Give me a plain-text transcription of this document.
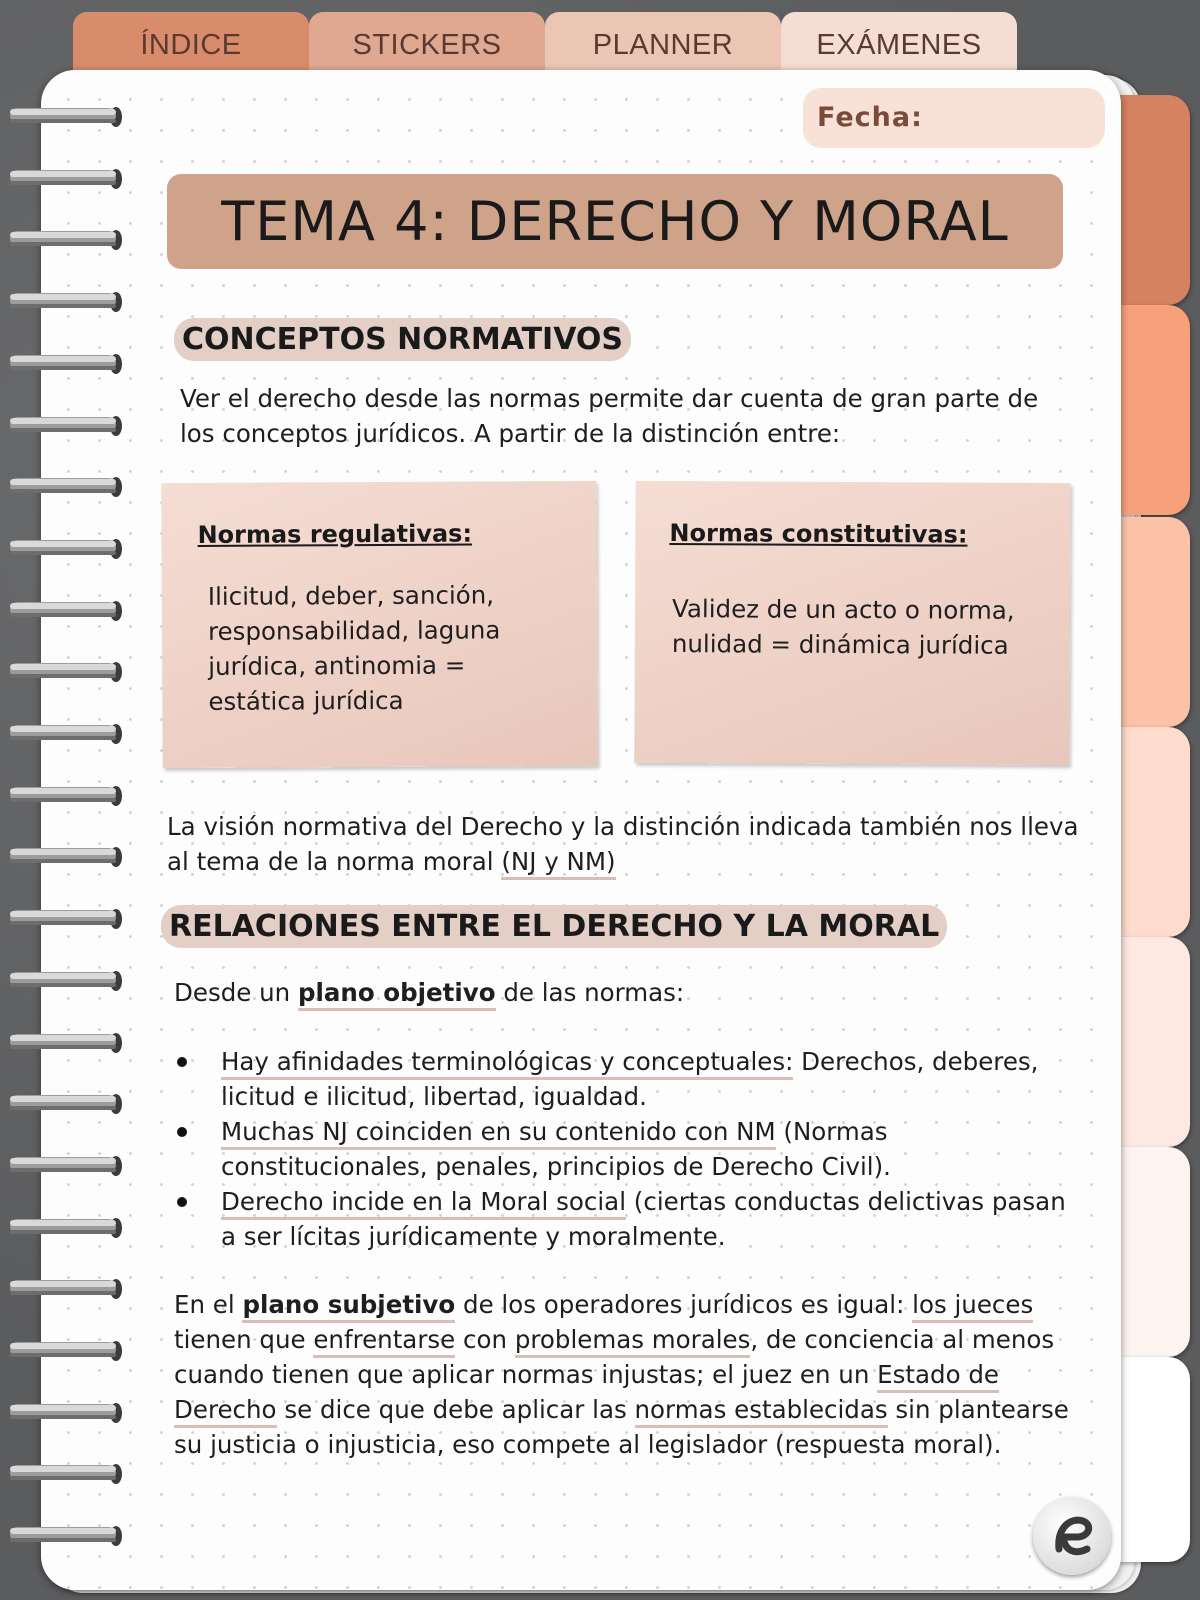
ÍNDICE	STICKERS	PLANNER	EXÁMENES
Fecha:
TEMA 4: DERECHO Y MORAL
CONCEPTOS NORMATIVOS
Ver el derecho desde las normas permite dar cuenta de gran parte de
los conceptos jurídicos. A partir de la distinción entre:
Normas regulativas:
Ilicitud, deber, sanción,
responsabilidad, laguna
jurídica, antinomia =
estática jurídica
Normas constitutivas:
Validez de un acto o norma,
nulidad = dinámica jurídica
La visión normativa del Derecho y la distinción indicada también nos lleva
al tema de la norma moral (NJ y NM)
RELACIONES ENTRE EL DERECHO Y LA MORAL
Desde un plano objetivo de las normas:
Hay afinidades terminológicas y conceptuales: Derechos, deberes,
licitud e ilicitud, libertad, igualdad.
Muchas NJ coinciden en su contenido con NM (Normas
constitucionales, penales, principios de Derecho Civil).
Derecho incide en la Moral social (ciertas conductas delictivas pasan
a ser lícitas jurídicamente y moralmente.
En el plano subjetivo de los operadores jurídicos es igual: los jueces
tienen que enfrentarse con problemas morales, de conciencia al menos
cuando tienen que aplicar normas injustas; el juez en un Estado de
Derecho se dice que debe aplicar las normas establecidas sin plantearse
su justicia o injusticia, eso compete al legislador (respuesta moral).
